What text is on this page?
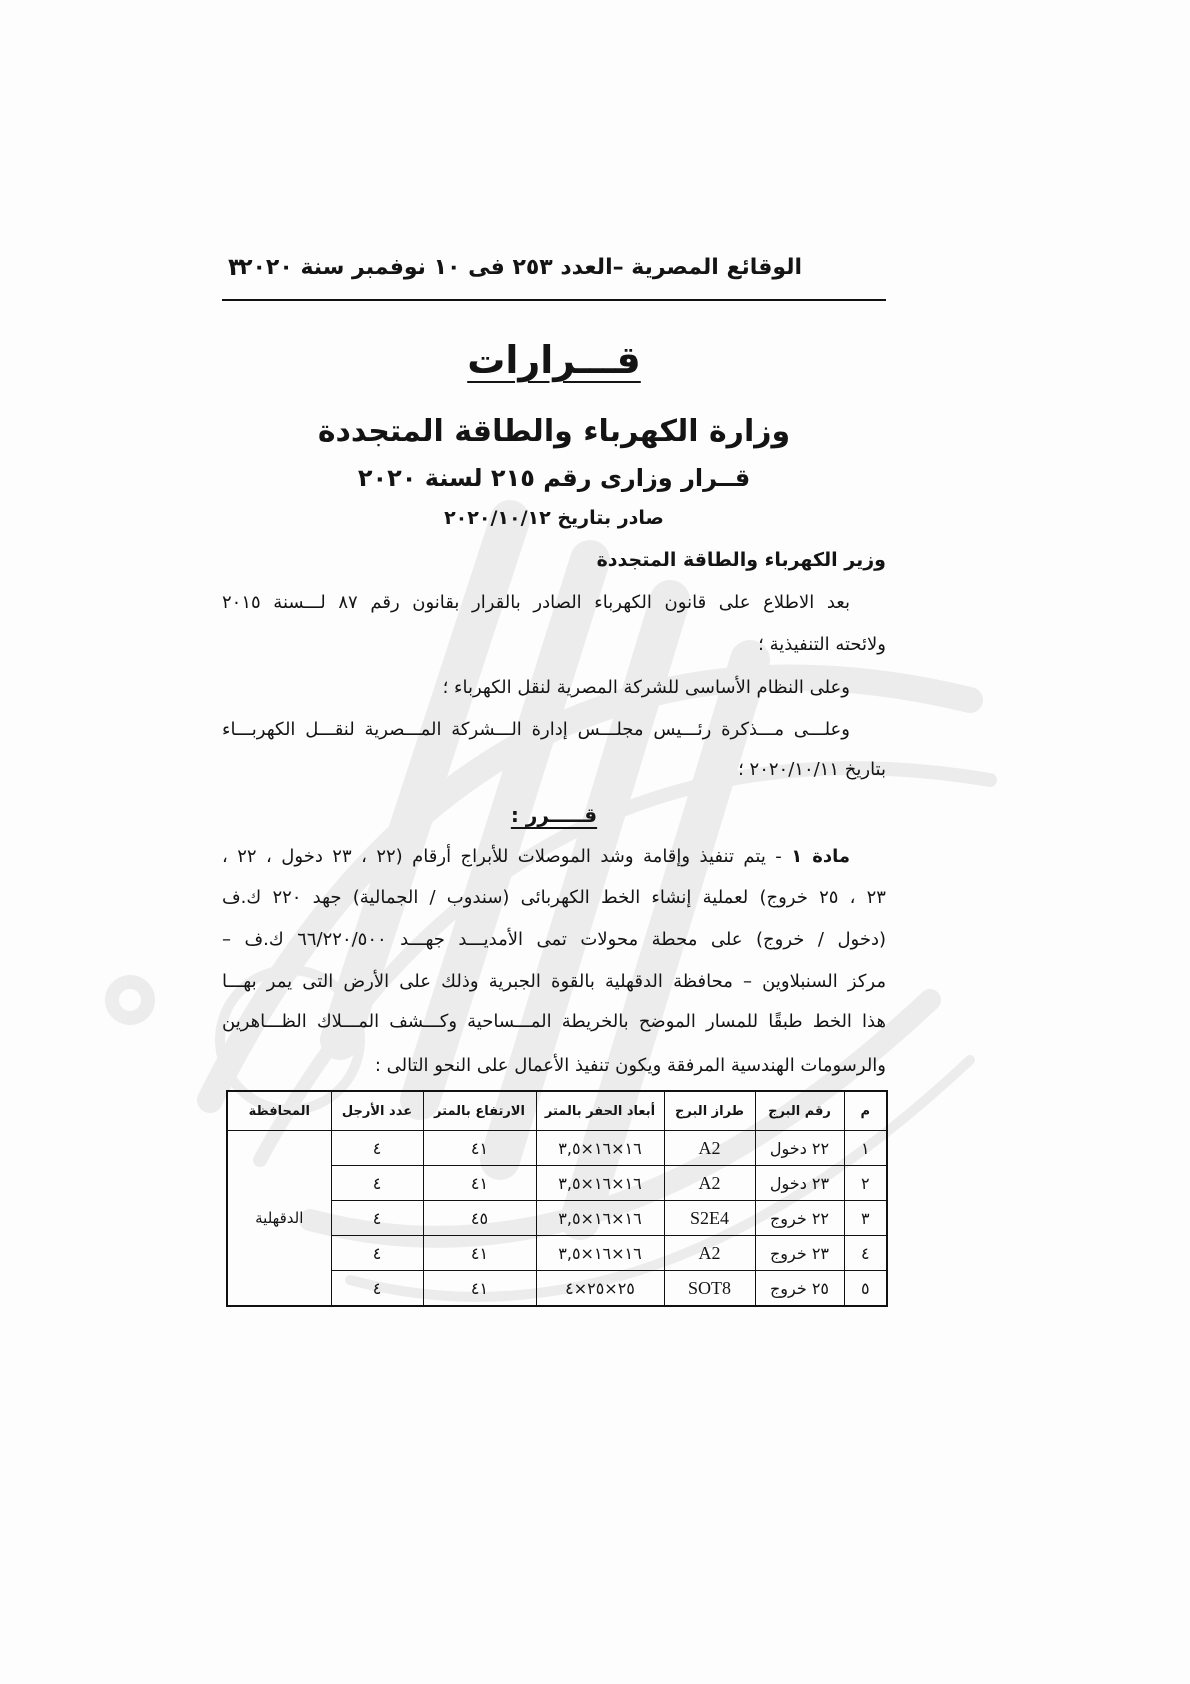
الوقائع المصرية –العدد ٢٥٣ فى ١٠ نوفمبر سنة ٢٠٢٠
٣
قـــرارات
وزارة الكهرباء والطاقة المتجددة
قــرار وزارى رقم ٢١٥ لسنة ٢٠٢٠
صادر بتاريخ ٢٠٢٠/١٠/١٢
وزير الكهرباء والطاقة المتجددة
بعد الاطلاع على قانون الكهرباء الصادر بالقرار بقانون رقم ٨٧ لـــسنة ٢٠١٥
ولائحته التنفيذية ؛
وعلى النظام الأساسى للشركة المصرية لنقل الكهرباء ؛
وعلـــى مـــذكرة رئـــيس مجلـــس إدارة الـــشركة المـــصرية لنقـــل الكهربـــاء
بتاريخ ٢٠٢٠/١٠/١١ ؛
قـــــرر :
مادة ١ - يتم تنفيذ وإقامة وشد الموصلات للأبراج أرقام (٢٢ ، ٢٣ دخول ، ٢٢ ،
٢٣ ، ٢٥ خروج) لعملية إنشاء الخط الكهربائى (سندوب / الجمالية) جهد ٢٢٠ ك.ف
(دخول / خروج) على محطة محولات تمى الأمديـــد جهـــد ٦٦/٢٢٠/٥٠٠ ك.ف –
مركز السنبلاوين – محافظة الدقهلية بالقوة الجبرية وذلك على الأرض التى يمر بهـــا
هذا الخط طبقًا للمسار الموضح بالخريطة المـــساحية وكـــشف المـــلاك الظـــاهرين
والرسومات الهندسية المرفقة ويكون تنفيذ الأعمال على النحو التالى :
م	رقم البرج	طراز البرج	أبعاد الحفر بالمتر	الارتفاع بالمتر	عدد الأرجل	المحافظة
١	٢٢ دخول	A2	١٦×١٦×٣,٥	٤١	٤	الدقهلية
٢	٢٣ دخول	A2	١٦×١٦×٣,٥	٤١	٤	
٣	٢٢ خروج	S2E4	١٦×١٦×٣,٥	٤٥	٤	
٤	٢٣ خروج	A2	١٦×١٦×٣,٥	٤١	٤	
٥	٢٥ خروج	SOT8	٢٥×٢٥×٤	٤١	٤	
